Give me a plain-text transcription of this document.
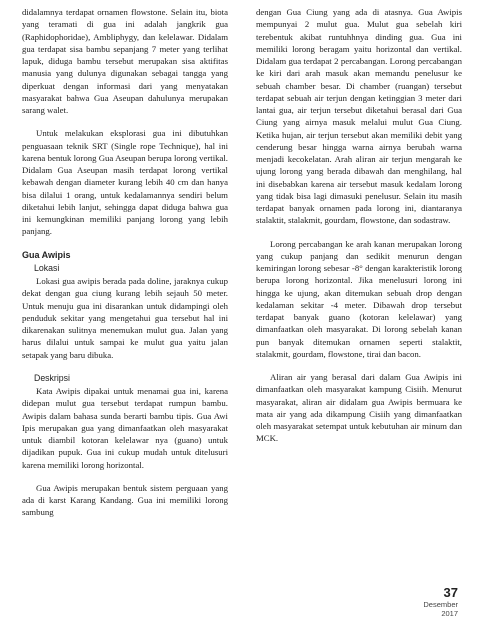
didalamnya terdapat ornamen flowstone. Selain itu, biota yang teramati di gua ini adalah jangkrik gua (Raphidophoridae), Ambliphygy, dan kelelawar. Didalam gua terdapat sisa bambu sepanjang 7 meter yang terlihat lapuk, diduga bambu tersebut merupakan sisa aktifitas manusia yang dulunya digunakan sebagai tangga yang diperkuat dengan informasi dari yang menyatakan masyarakat bahwa Gua Aseupan dahulunya merupakan sarang walet.

Untuk melakukan eksplorasi gua ini dibutuhkan penguasaan teknik SRT (Single rope Technique), hal ini karena bentuk lorong Gua Aseupan berupa lorong vertikal. Didalam Gua Aseupan masih terdapat lorong vertikal kebawah dengan diameter kurang lebih 40 cm dan hanya bisa dilalui 1 orang, untuk kedalamannya sendiri belum diketahui lebih lanjut, sehingga dapat diduga bahwa gua ini kemungkinan memiliki panjang lorong yang lebih panjang.

Gua Awipis
Lokasi

Lokasi gua awipis berada pada doline, jaraknya cukup dekat dengan gua ciung kurang lebih sejauh 50 meter. Untuk menuju gua ini disarankan untuk didampingi oleh penduduk sekitar yang mengetahui gua tersebut hal ini dikarenakan sulitnya menemukan mulut gua. Jalan yang harus dilalui untuk sampai ke mulut gua yaitu jalan setapak yang baru dibuka.

Deskripsi

Kata Awipis dipakai untuk menamai gua ini, karena didepan mulut gua tersebut terdapat rumpun bambu. Awipis dalam bahasa sunda berarti bambu tipis. Gua Awi Ipis merupakan gua yang dimanfaatkan oleh masyarakat untuk diambil kotoran kelelawar nya (guano) untuk dijadikan pupuk. Gua ini cukup mudah untuk ditelusuri karena memiliki lorong horizontal.

Gua Awipis merupakan bentuk sistem perguaan yang ada di karst Karang Kandang. Gua ini memiliki lorong sambung

dengan Gua Ciung yang ada di atasnya. Gua Awipis mempunyai 2 mulut gua. Mulut gua sebelah kiri terebentuk akibat runtuhhnya dinding gua. Gua ini memiliki lorong beragam yaitu horizontal dan vertikal. Didalam gua terdapat 2 percabangan. Lorong percabangan ke kiri dari arah masuk akan memandu penelusur ke sebuah chamber besar. Di chamber (ruangan) tersebut terdapat sebuah air terjun dengan ketinggian 3 meter dari lantai gua, air terjun tersebut diketahui berasal dari Gua Ciung yang airnya masuk melalui mulut Gua Ciung. Ketika hujan, air terjun tersebut akan memiliki debit yang cenderung besar hingga warna airnya berubah warna menjadi kecokelatan. Arah aliran air terjun mengarah ke ujung lorong yang berada dibawah dan menghilang, hal ini disebabkan karena air tersebut masuk kedalam lorong yang tidak bisa lagi dimasuki penelusur. Selain itu masih terdapat banyak ornamen pada lorong ini, diantaranya stalaktit, stalakmit, gourdam, flowstone, dan sodastraw.

Lorong percabangan ke arah kanan merupakan lorong yang cukup panjang dan sedikit menurun dengan kemiringan lorong sebesar -8° dengan karakteristik lorong berupa lorong horizontal. Jika menelusuri lorong ini hingga ke ujung, akan ditemukan sebuah drop dengan kedalaman sekitar -4 meter. Dibawah drop tersebut terdapat banyak guano (kotoran kelelawar) yang dimanfaatkan oleh masyarakat. Di lorong sebelah kanan pun banyak ditemukan ornamen seperti stalaktit, stalakmit, gourdam, flowstone, tirai dan bacon.

Aliran air yang berasal dari dalam Gua Awipis ini dimanfaatkan oleh masyarakat kampung Cisiih. Menurut masyarakat, aliran air didalam gua Awipis bermuara ke mata air yang ada dikampung Cisiih yang dimanfaatkan oleh masyarakat setempat untuk kebutuhan air minum dan MCK.

37
Desember
2017
